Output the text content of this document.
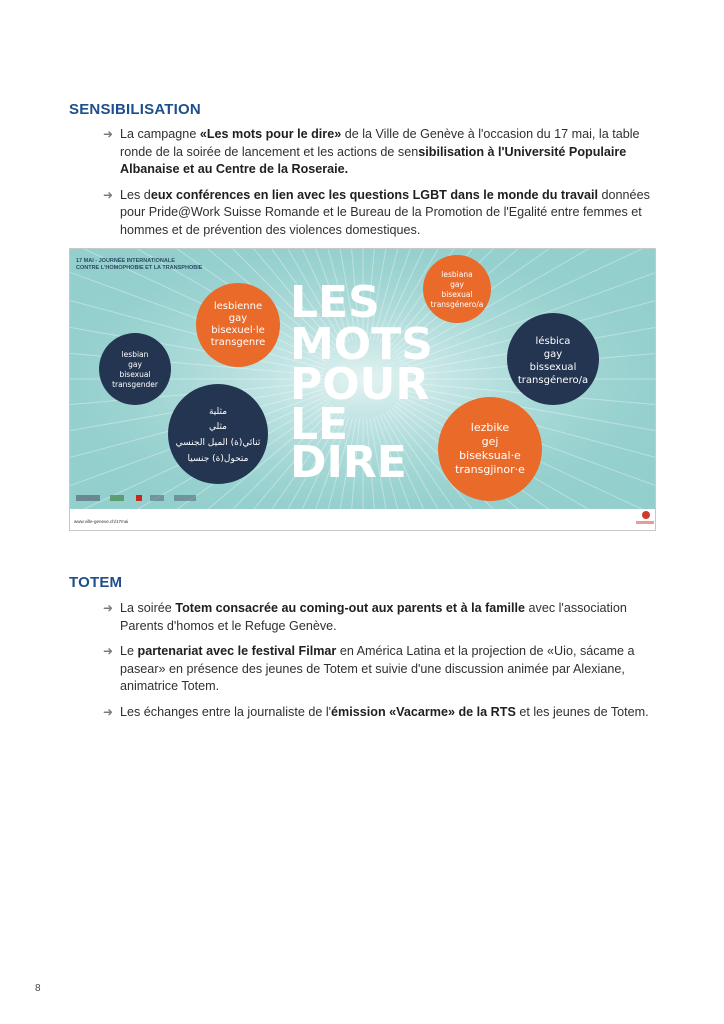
SENSIBILISATION
➜ La campagne «Les mots pour le dire» de la Ville de Genève à l'occasion du 17 mai, la table ronde de la soirée de lancement et les actions de sensibilisation à l'Université Populaire Albanaise et au Centre de la Roseraie.
➜ Les deux conférences en lien avec les questions LGBT dans le monde du travail données pour Pride@Work Suisse Romande et le Bureau de la Promotion de l'Egalité entre femmes et hommes et de prévention des violences domestiques.
17 MAI - JOURNÉE INTERNATIONALE
CONTRE L'HOMOPHOBIE ET LA TRANSPHOBIE
LES
MOTS
POUR
LE
DIRE
lesbienne
gay
bisexuel·le
transgenre
lesbian
gay
bisexual
transgender
مثلية
مثلي
ثنائي(ة) الميل الجنسي
متحول(ة) جنسيا
lesbiana
gay
bisexual
transgénero/a
lésbica
gay
bissexual
transgénero/a
lezbike
gej
biseksual·e
transgjinor·e
www.ville-geneve.ch/17mai
TOTEM
➜ La soirée Totem consacrée au coming-out aux parents et à la famille avec l'association Parents d'homos et le Refuge Genève.
➜ Le partenariat avec le festival Filmar en América Latina et la projection de «Uio, sácame a pasear» en présence des jeunes de Totem et suivie d'une discussion animée par Alexiane, animatrice Totem.
➜ Les échanges entre la journaliste de l'émission «Vacarme» de la RTS et les jeunes de Totem.
8
